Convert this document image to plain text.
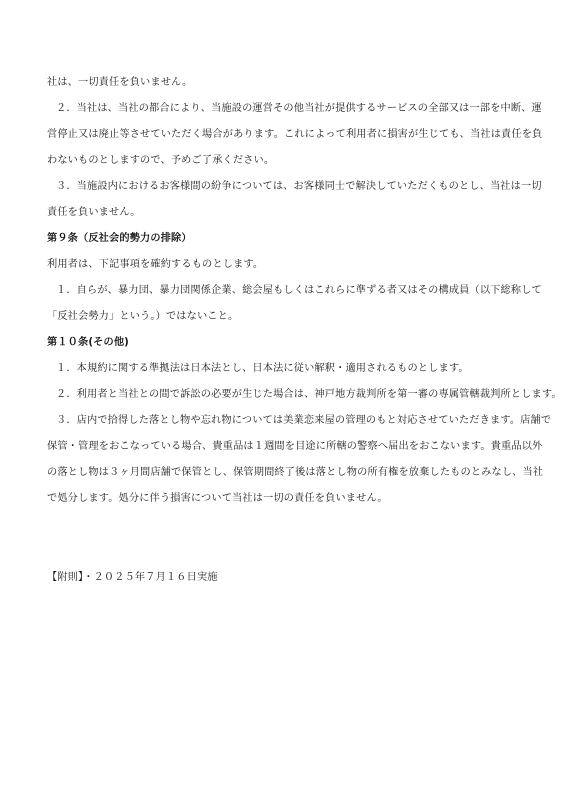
社は、一切責任を負いません。
２．当社は、当社の都合により、当施設の運営その他当社が提供するサービスの全部又は一部を中断、運
営停止又は廃止等させていただく場合があります。これによって利用者に損害が生じても、当社は責任を負
わないものとしますので、予めご了承ください。
３．当施設内におけるお客様間の紛争については、お客様同士で解決していただくものとし、当社は一切
責任を負いません。
第９条（反社会的勢力の排除）
利用者は、下記事項を確約するものとします。
１．自らが、暴力団、暴力団関係企業、総会屋もしくはこれらに準ずる者又はその構成員（以下総称して
「反社会勢力」という。）ではないこと。
第１０条(その他)
１．本規約に関する準拠法は日本法とし、日本法に従い解釈・適用されるものとします。
２．利用者と当社との間で訴訟の必要が生じた場合は、神戸地方裁判所を第一審の専属管轄裁判所とします。
３．店内で拾得した落とし物や忘れ物については美業恋来屋の管理のもと対応させていただきます。店舗で
保管・管理をおこなっている場合、貴重品は１週間を目途に所轄の警察へ届出をおこないます。貴重品以外
の落とし物は３ヶ月間店舗で保管とし、保管期間終了後は落とし物の所有権を放棄したものとみなし、当社
で処分します。処分に伴う損害について当社は一切の責任を負いません。
【附則】・２０２５年７月１６日実施
